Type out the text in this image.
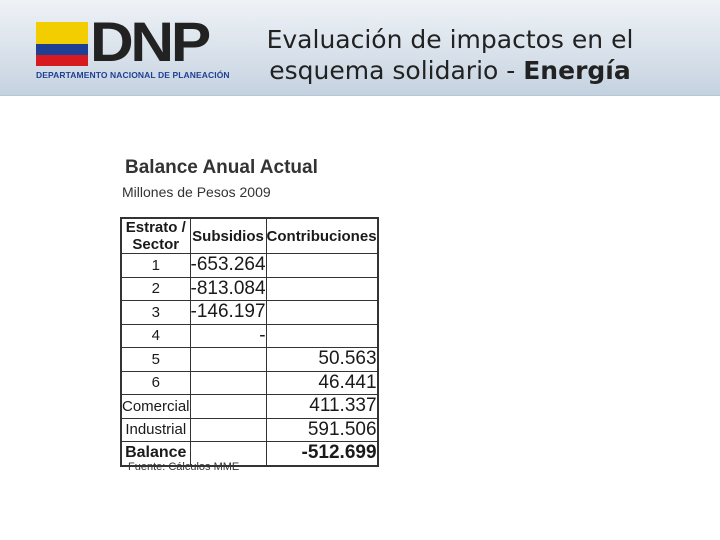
DNP
DEPARTAMENTO NACIONAL DE PLANEACIÓN
Evaluación de impactos en el
esquema solidario - Energía
Balance Anual Actual
Millones de Pesos 2009
Estrato / Sector	Subsidios	Contribuciones
1	-653.264	
2	-813.084	
3	-146.197	
4	-	
5		50.563
6		46.441
Comercial		411.337
Industrial		591.506
Balance		-512.699
Fuente: Cálculos MME
